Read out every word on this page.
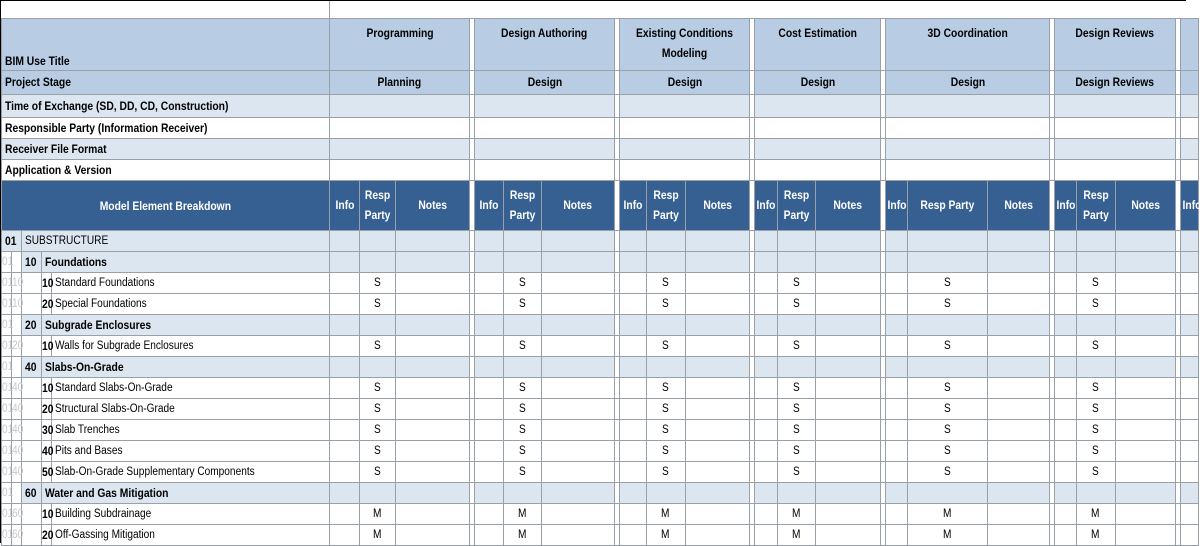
BIM Use Title					Programming				Design Authoring				Existing Conditions Modeling				Cost Estimation				3D Coordination				Design Reviews				
Project Stage					Planning				Design				Design				Design				Design				Design Reviews				
Time of Exchange (SD, DD, CD, Construction)																													
Responsible Party (Information Receiver)																													
Receiver File Format																													
Application & Version																													
Model Element Breakdown					Info	Resp Party	Notes		Info	Resp Party	Notes		Info	Resp Party	Notes		Info	Resp Party	Notes		Info	Resp Party	Notes		Info	Resp Party	Notes		Info
01		SUBSTRUCTURE																											
01		10	Foundations																										
01	10		10	Standard Foundations		S				S				S				S				S				S			
01	10		20	Special Foundations		S				S				S				S				S				S			
01		20	Subgrade Enclosures																										
01	20		10	Walls for Subgrade Enclosures		S				S				S				S				S				S			
01		40	Slabs-On-Grade																										
01	40		10	Standard Slabs-On-Grade		S				S				S				S				S				S			
01	40		20	Structural Slabs-On-Grade		S				S				S				S				S				S			
01	40		30	Slab Trenches		S				S				S				S				S				S			
01	40		40	Pits and Bases		S				S				S				S				S				S			
01	40		50	Slab-On-Grade Supplementary Components		S				S				S				S				S				S			
01		60	Water and Gas Mitigation																										
01	60		10	Building Subdrainage		M				M				M				M				M				M			
01	60		20	Off-Gassing Mitigation		M				M				M				M				M				M			
